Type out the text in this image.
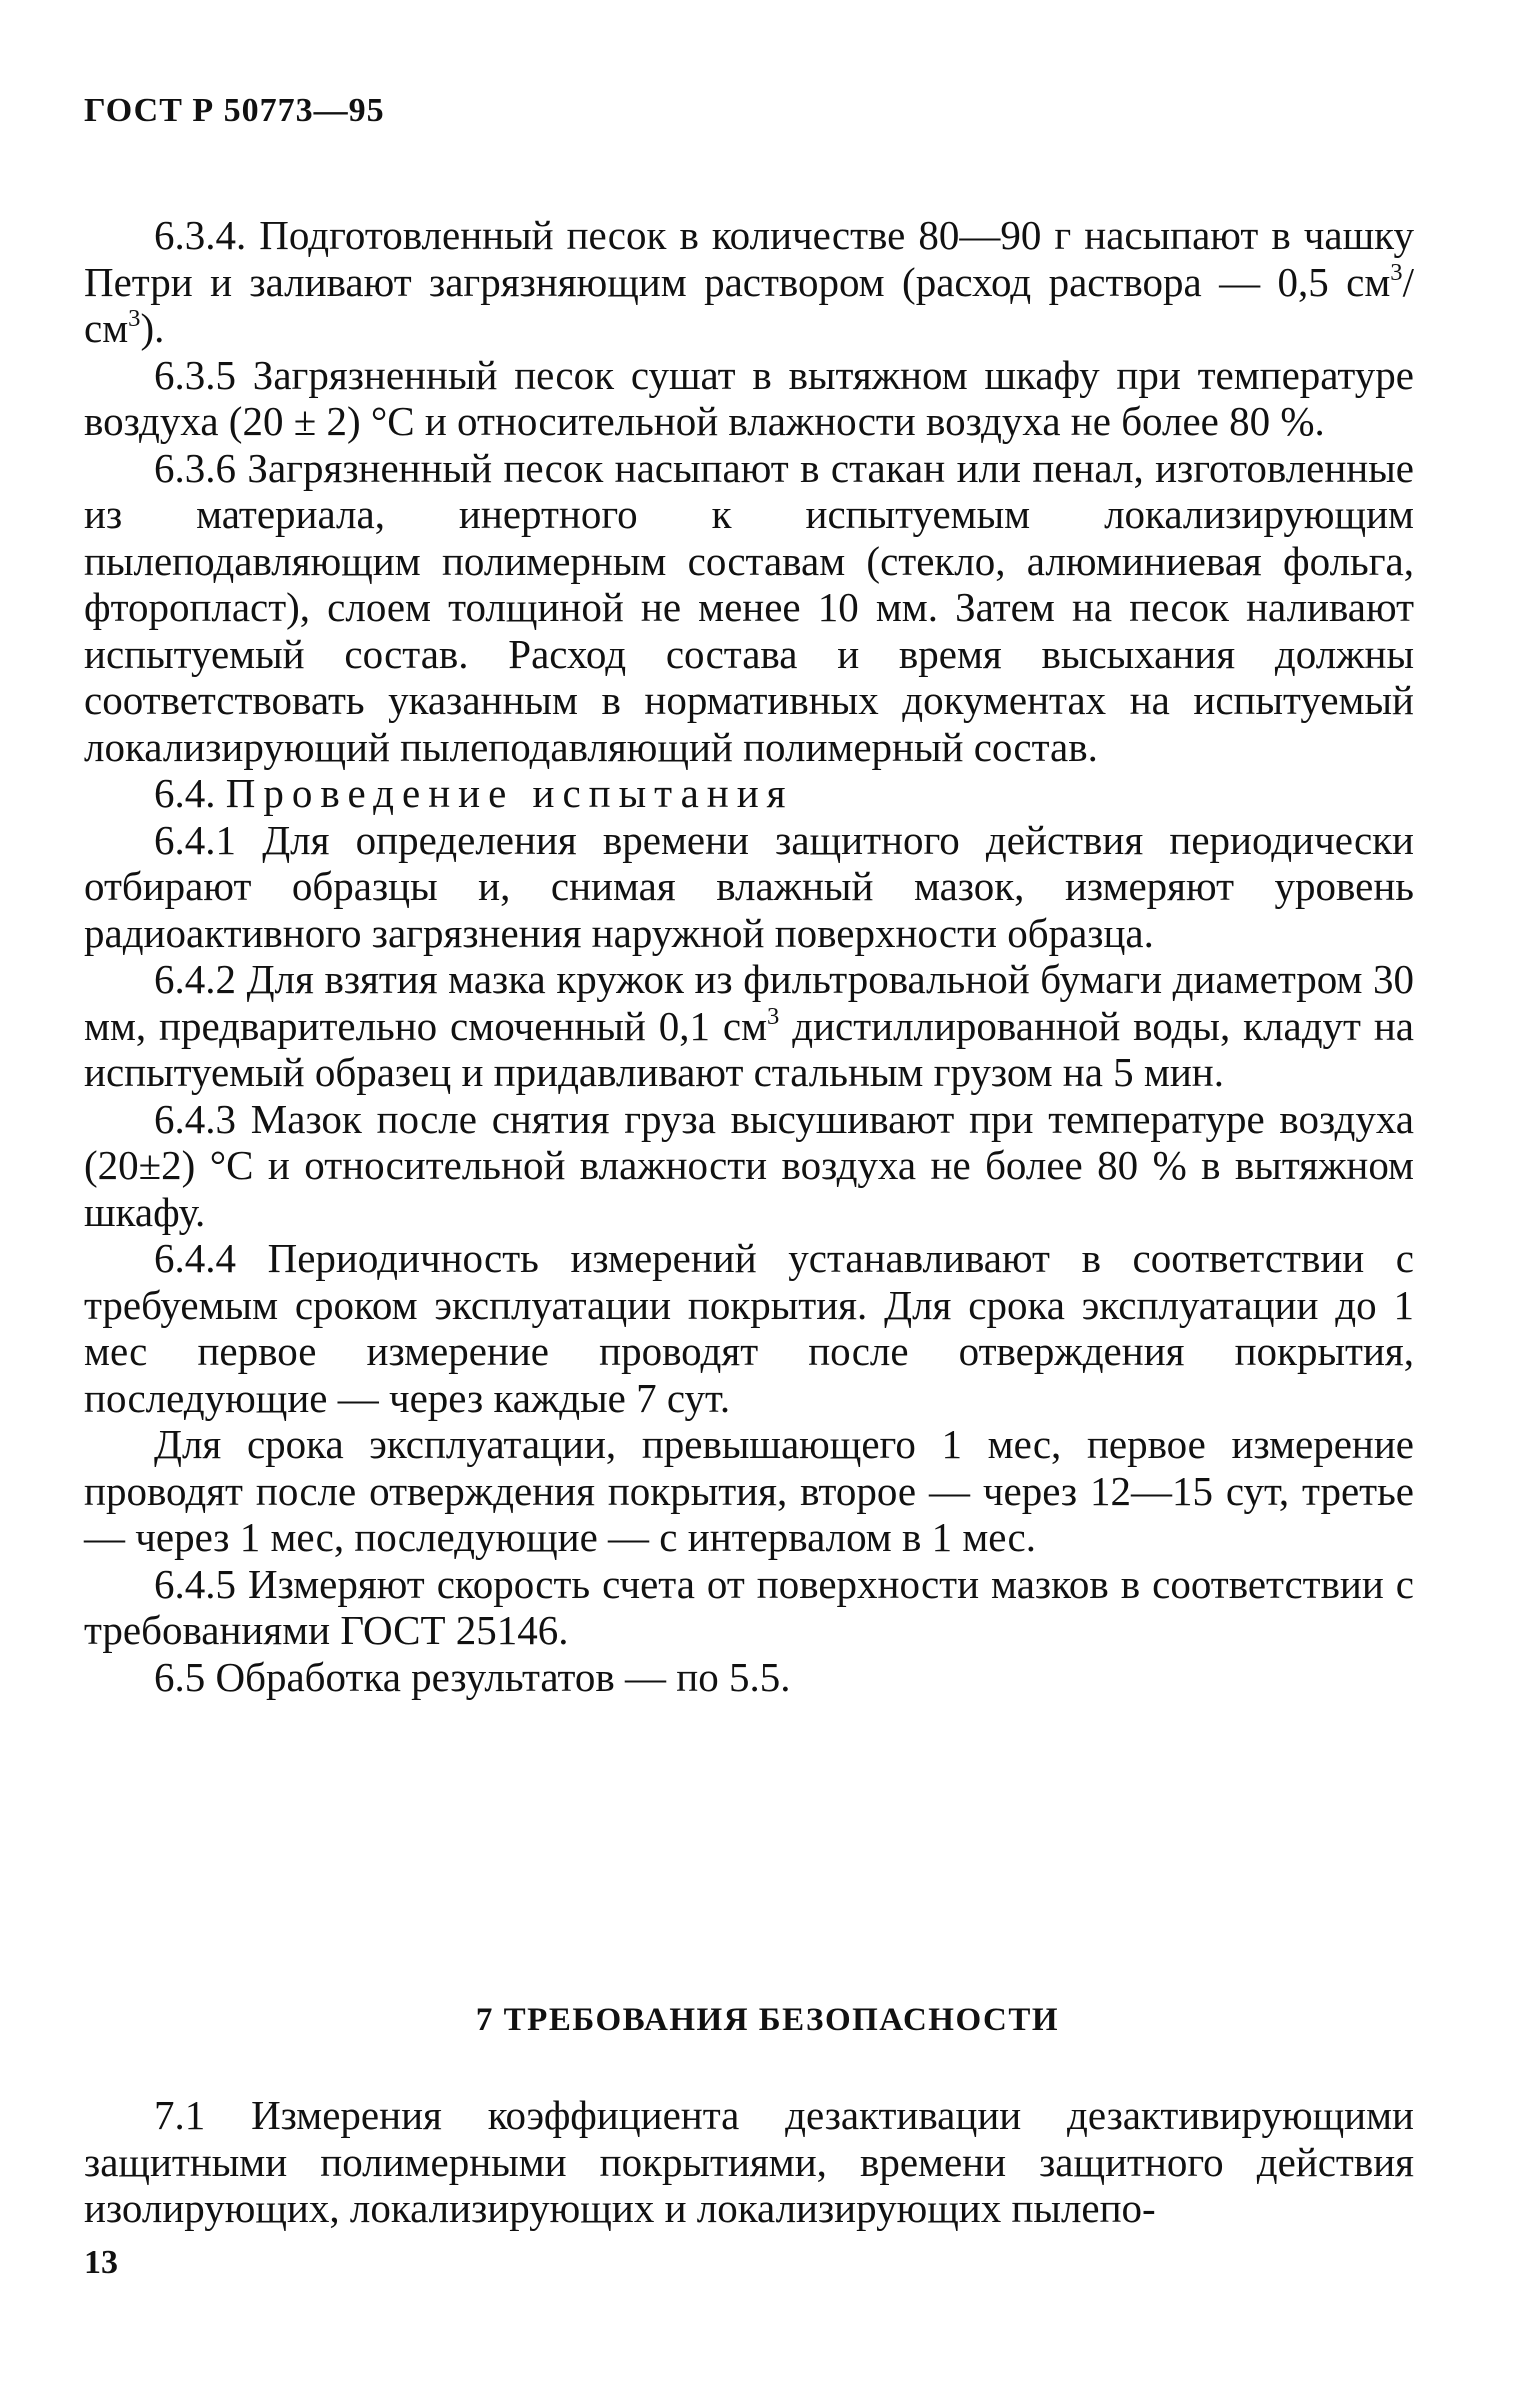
ГОСТ Р 50773—95

6.3.4. Подготовленный песок в количестве 80—90 г насыпают в чашку Петри и заливают загрязняющим раствором (расход раствора — 0,5 $см^3/см^3$).

6.3.5 Загрязненный песок сушат в вытяжном шкафу при температуре воздуха (20 ± 2) °С и относительной влажности воздуха не более 80 %.

6.3.6 Загрязненный песок насыпают в стакан или пенал, изготовленные из материала, инертного к испытуемым локализирующим пылеподавляющим полимерным составам (стекло, алюминиевая фольга, фторопласт), слоем толщиной не менее 10 мм. Затем на песок наливают испытуемый состав. Расход состава и время высыхания должны соответствовать указанным в нормативных документах на испытуемый локализирующий пылеподавляющий полимерный состав.

6.4. Проведение испытания

6.4.1 Для определения времени защитного действия периодически отбирают образцы и, снимая влажный мазок, измеряют уровень радиоактивного загрязнения наружной поверхности образца.

6.4.2 Для взятия мазка кружок из фильтровальной бумаги диаметром 30 мм, предварительно смоченный 0,1 $см^3$ дистиллированной воды, кладут на испытуемый образец и придавливают стальным грузом на 5 мин.

6.4.3 Мазок после снятия груза высушивают при температуре воздуха (20±2) °С и относительной влажности воздуха не более 80 % в вытяжном шкафу.

6.4.4 Периодичность измерений устанавливают в соответствии с требуемым сроком эксплуатации покрытия. Для срока эксплуатации до 1 мес первое измерение проводят после отверждения покрытия, последующие — через каждые 7 сут.

Для срока эксплуатации, превышающего 1 мес, первое измерение проводят после отверждения покрытия, второе — через 12—15 сут, третье — через 1 мес, последующие — с интервалом в 1 мес.

6.4.5 Измеряют скорость счета от поверхности мазков в соответствии с требованиями ГОСТ 25146.

6.5 Обработка результатов — по 5.5.

7 ТРЕБОВАНИЯ БЕЗОПАСНОСТИ

7.1 Измерения коэффициента дезактивации дезактивирующими защитными полимерными покрытиями, времени защитного действия изолирующих, локализирующих и локализирующих пылепо-

13
